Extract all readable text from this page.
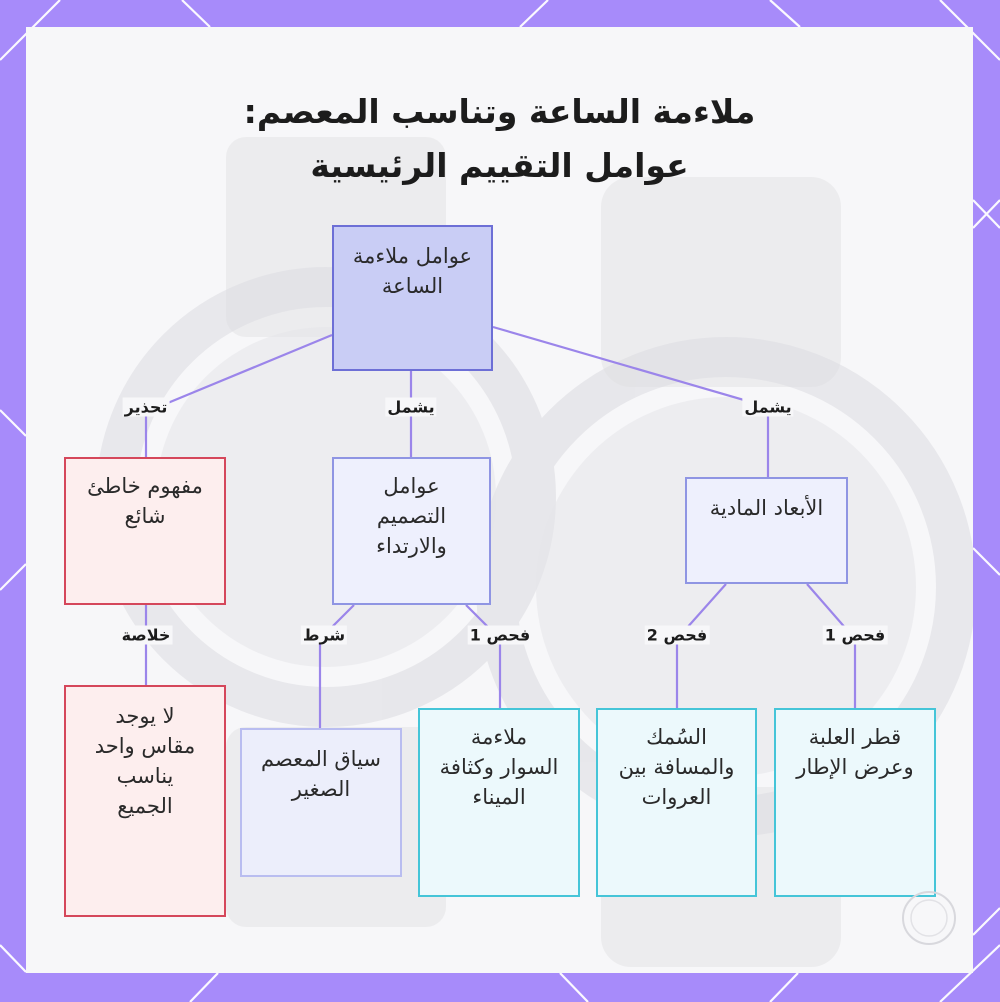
ملاءمة الساعة وتناسب المعصم:
عوامل التقييم الرئيسية
عوامل ملاءمة الساعة
الأبعاد المادية
عوامل التصميم والارتداء
مفهوم خاطئ شائع
قطر العلبة وعرض الإطار
السُمك والمسافة بين العروات
ملاءمة السوار وكثافة الميناء
سياق المعصم الصغير
لا يوجد مقاس واحد يناسب الجميع
يشمل
يشمل
تحذير
فحص 1
فحص 2
فحص 1
شرط
خلاصة
